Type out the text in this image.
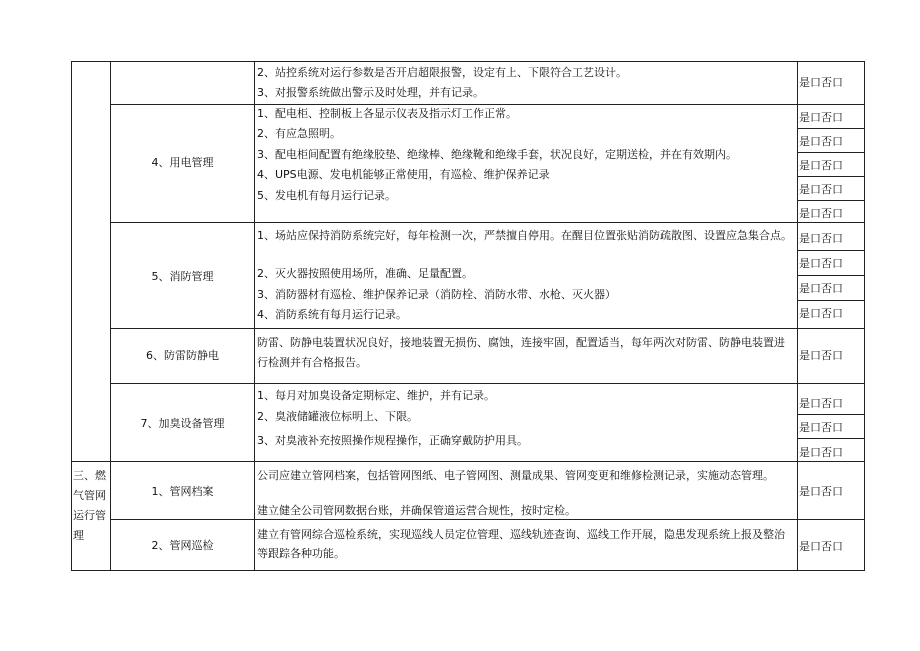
2、站控系统对运行参数是否开启超限报警，设定有上、下限符合工艺设计。
3、对报警系统做出警示及时处理，并有记录。
是口否口
4、用电管理
1、配电柜、控制板上各显示仪表及指示灯工作正常。
2、有应急照明。
3、配电柜间配置有绝缘胶垫、绝缘棒、绝缘靴和绝缘手套，状况良好，定期送检，并在有效期内。
4、UPS电源、发电机能够正常使用，有巡检、维护保养记录
5、发电机有每月运行记录。
是口否口
是口否口
是口否口
是口否口
是口否口
5、消防管理
1、场站应保持消防系统完好，每年检测一次，严禁擅自停用。在醒目位置张贴消防疏散图、设置应急集合点。
2、灭火器按照使用场所，准确、足量配置。
3、消防器材有巡检、维护保养记录（消防栓、消防水带、水枪、灭火器）
4、消防系统有每月运行记录。
是口否口
是口否口
是口否口
是口否口
6、防雷防静电
防雷、防静电装置状况良好，接地装置无损伤、腐蚀，连接牢固，配置适当，每年两次对防雷、防静电装置进行检测并有合格报告。
是口否口
7、加臭设备管理
1、每月对加臭设备定期标定、维护，并有记录。
2、臭液储罐液位标明上、下限。
3、对臭液补充按照操作规程操作，正确穿戴防护用具。
是口否口
是口否口
是口否口
三、燃气管网运行管理
1、管网档案
公司应建立管网档案，包括管网图纸、电子管网图、测量成果、管网变更和维修检测记录，实施动态管理。
建立健全公司管网数据台账，并确保管道运营合规性，按时定检。
是口否口
2、管网巡检
建立有管网综合巡检系统，实现巡线人员定位管理、巡线轨迹查询、巡线工作开展，隐患发现系统上报及整治等跟踪各种功能。
是口否口
